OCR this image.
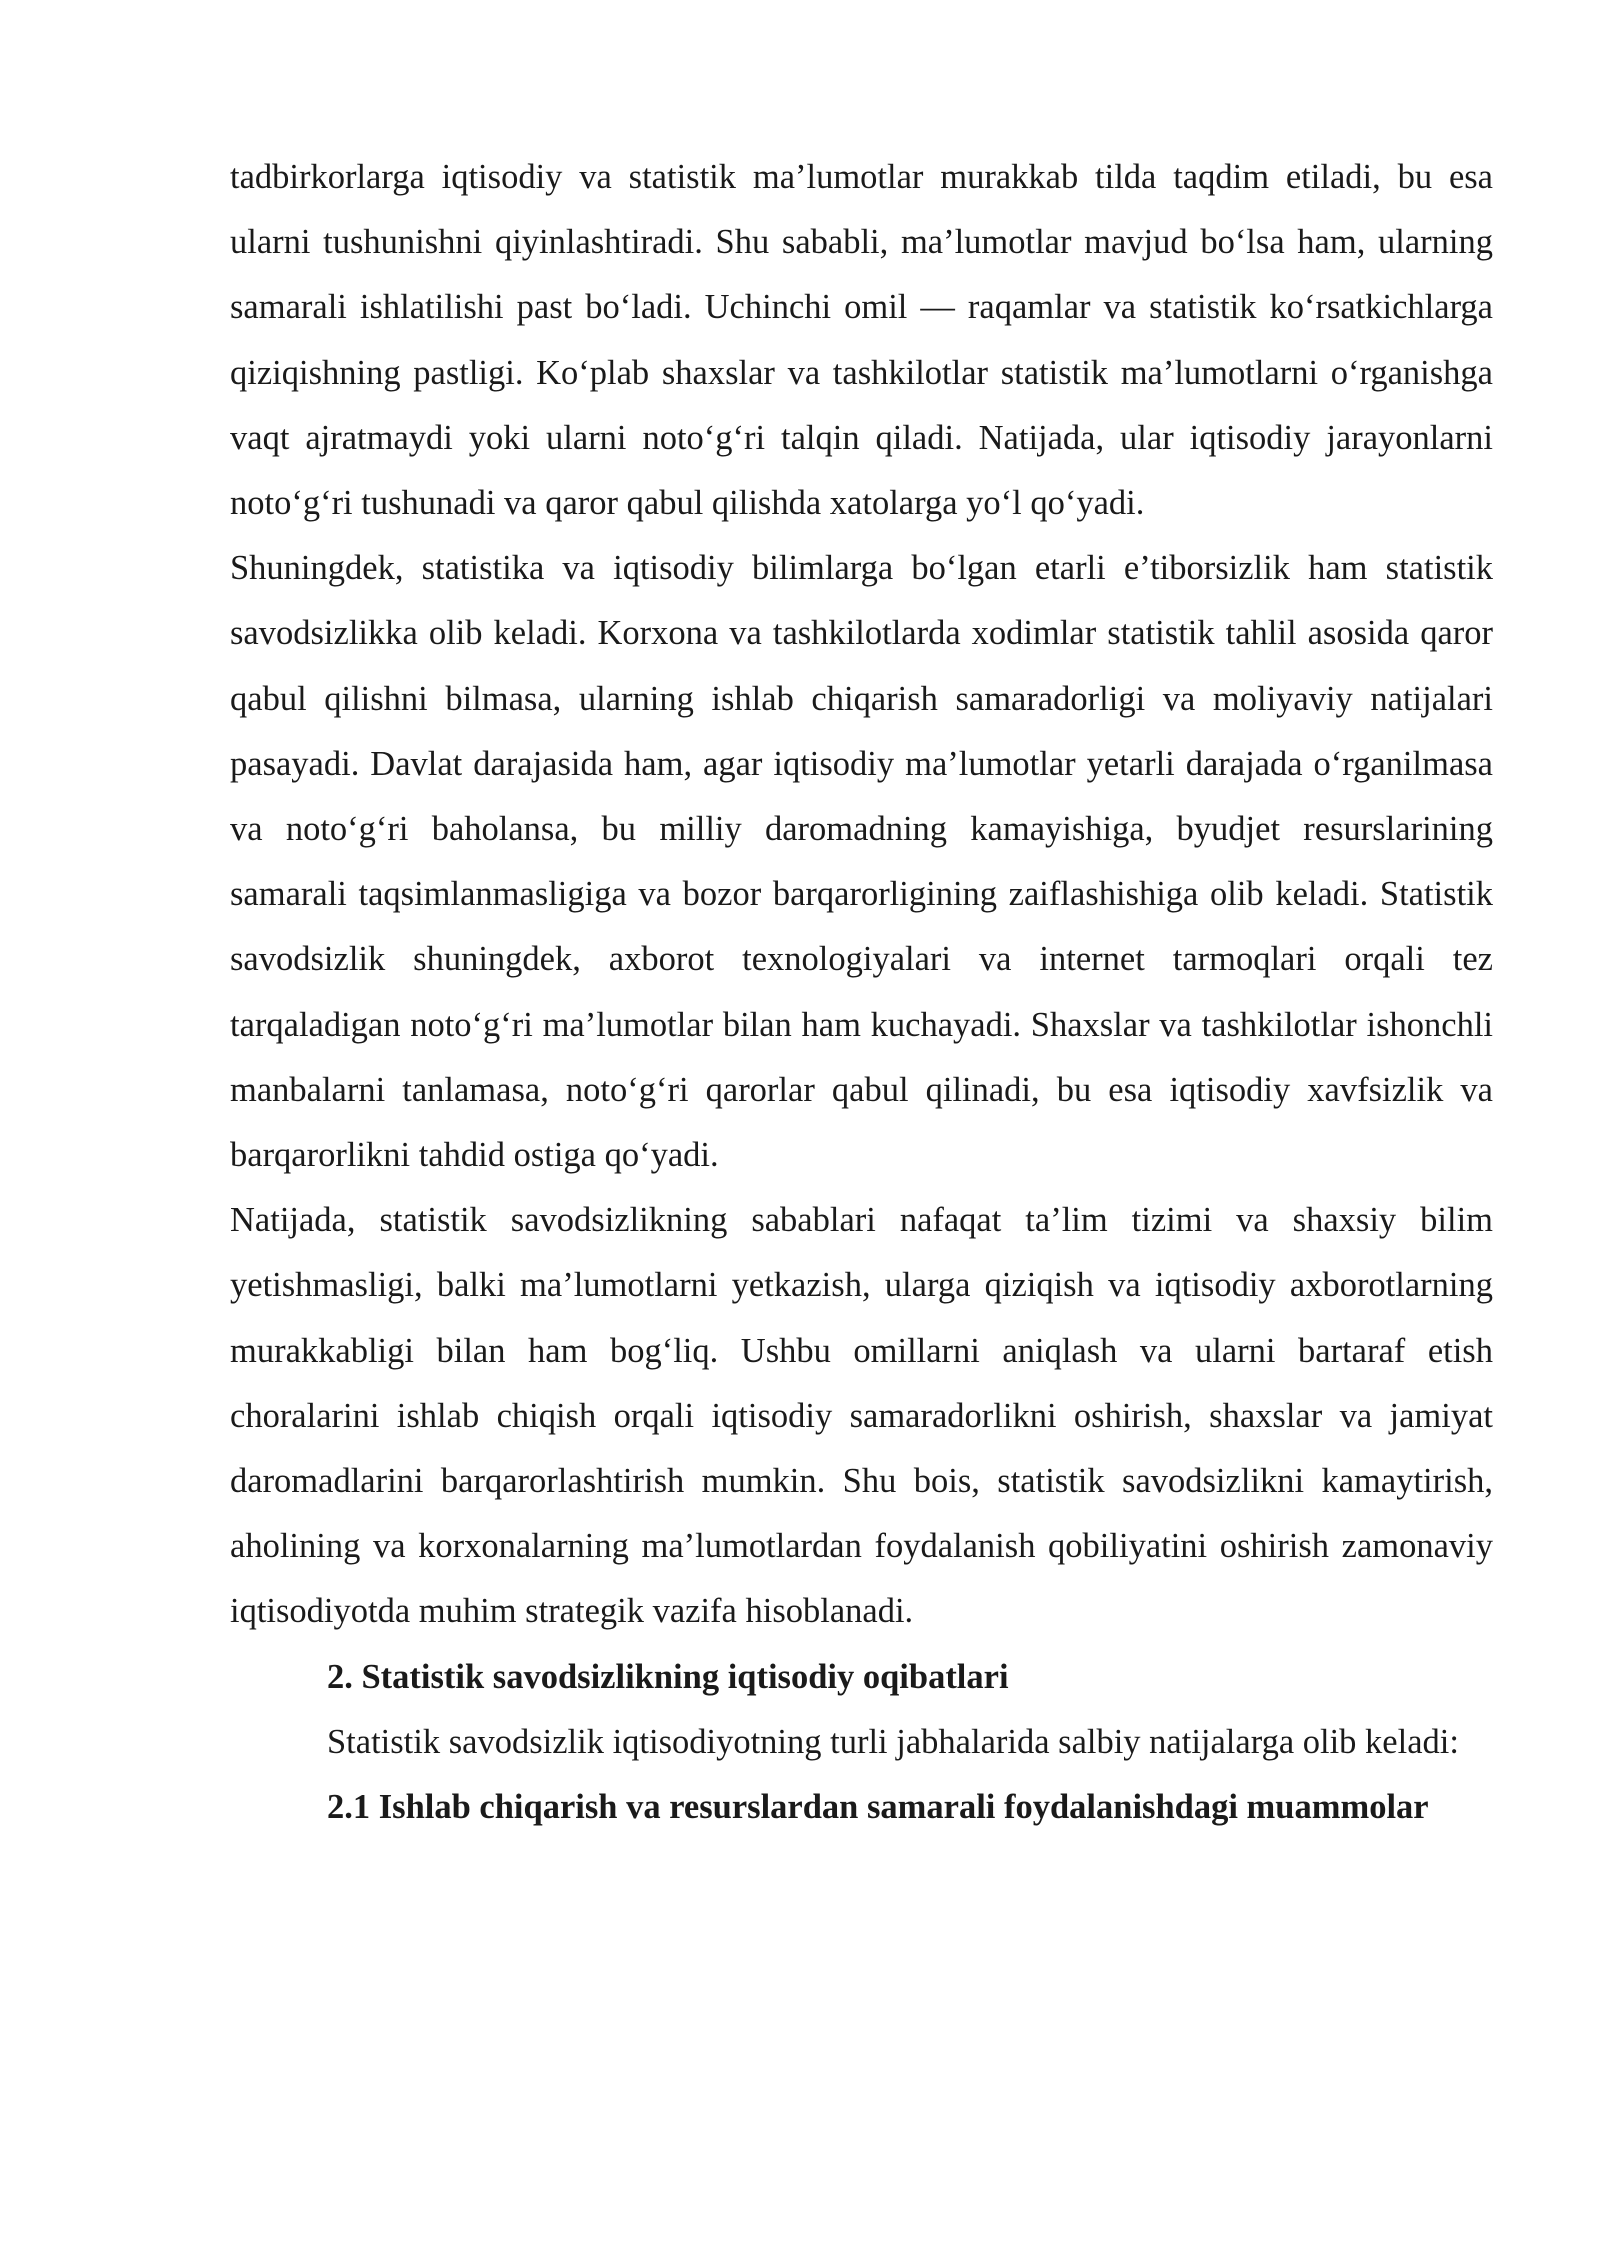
tadbirkorlarga iqtisodiy va statistik ma’lumotlar murakkab tilda taqdim etiladi, bu esa ularni tushunishni qiyinlashtiradi. Shu sababli, ma’lumotlar mavjud bo‘lsa ham, ularning samarali ishlatilishi past bo‘ladi. Uchinchi omil — raqamlar va statistik ko‘rsatkichlarga qiziqishning pastligi. Ko‘plab shaxslar va tashkilotlar statistik ma’lumotlarni o‘rganishga vaqt ajratmaydi yoki ularni noto‘g‘ri talqin qiladi. Natijada, ular iqtisodiy jarayonlarni noto‘g‘ri tushunadi va qaror qabul qilishda xatolarga yo‘l qo‘yadi.

Shuningdek, statistika va iqtisodiy bilimlarga bo‘lgan etarli e’tiborsizlik ham statistik savodsizlikka olib keladi. Korxona va tashkilotlarda xodimlar statistik tahlil asosida qaror qabul qilishni bilmasa, ularning ishlab chiqarish samaradorligi va moliyaviy natijalari pasayadi. Davlat darajasida ham, agar iqtisodiy ma’lumotlar yetarli darajada o‘rganilmasa va noto‘g‘ri baholansa, bu milliy daromadning kamayishiga, byudjet resurslarining samarali taqsimlanmasligiga va bozor barqarorligining zaiflashishiga olib keladi. Statistik savodsizlik shuningdek, axborot texnologiyalari va internet tarmoqlari orqali tez tarqaladigan noto‘g‘ri ma’lumotlar bilan ham kuchayadi. Shaxslar va tashkilotlar ishonchli manbalarni tanlamasa, noto‘g‘ri qarorlar qabul qilinadi, bu esa iqtisodiy xavfsizlik va barqarorlikni tahdid ostiga qo‘yadi.

Natijada, statistik savodsizlikning sabablari nafaqat ta’lim tizimi va shaxsiy bilim yetishmasligi, balki ma’lumotlarni yetkazish, ularga qiziqish va iqtisodiy axborotlarning murakkabligi bilan ham bog‘liq. Ushbu omillarni aniqlash va ularni bartaraf etish choralarini ishlab chiqish orqali iqtisodiy samaradorlikni oshirish, shaxslar va jamiyat daromadlarini barqarorlashtirish mumkin. Shu bois, statistik savodsizlikni kamaytirish, aholining va korxonalarning ma’lumotlardan foydalanish qobiliyatini oshirish zamonaviy iqtisodiyotda muhim strategik vazifa hisoblanadi.

2. Statistik savodsizlikning iqtisodiy oqibatlari

Statistik savodsizlik iqtisodiyotning turli jabhalarida salbiy natijalarga olib keladi:

2.1 Ishlab chiqarish va resurslardan samarali foydalanishdagi muammolar
